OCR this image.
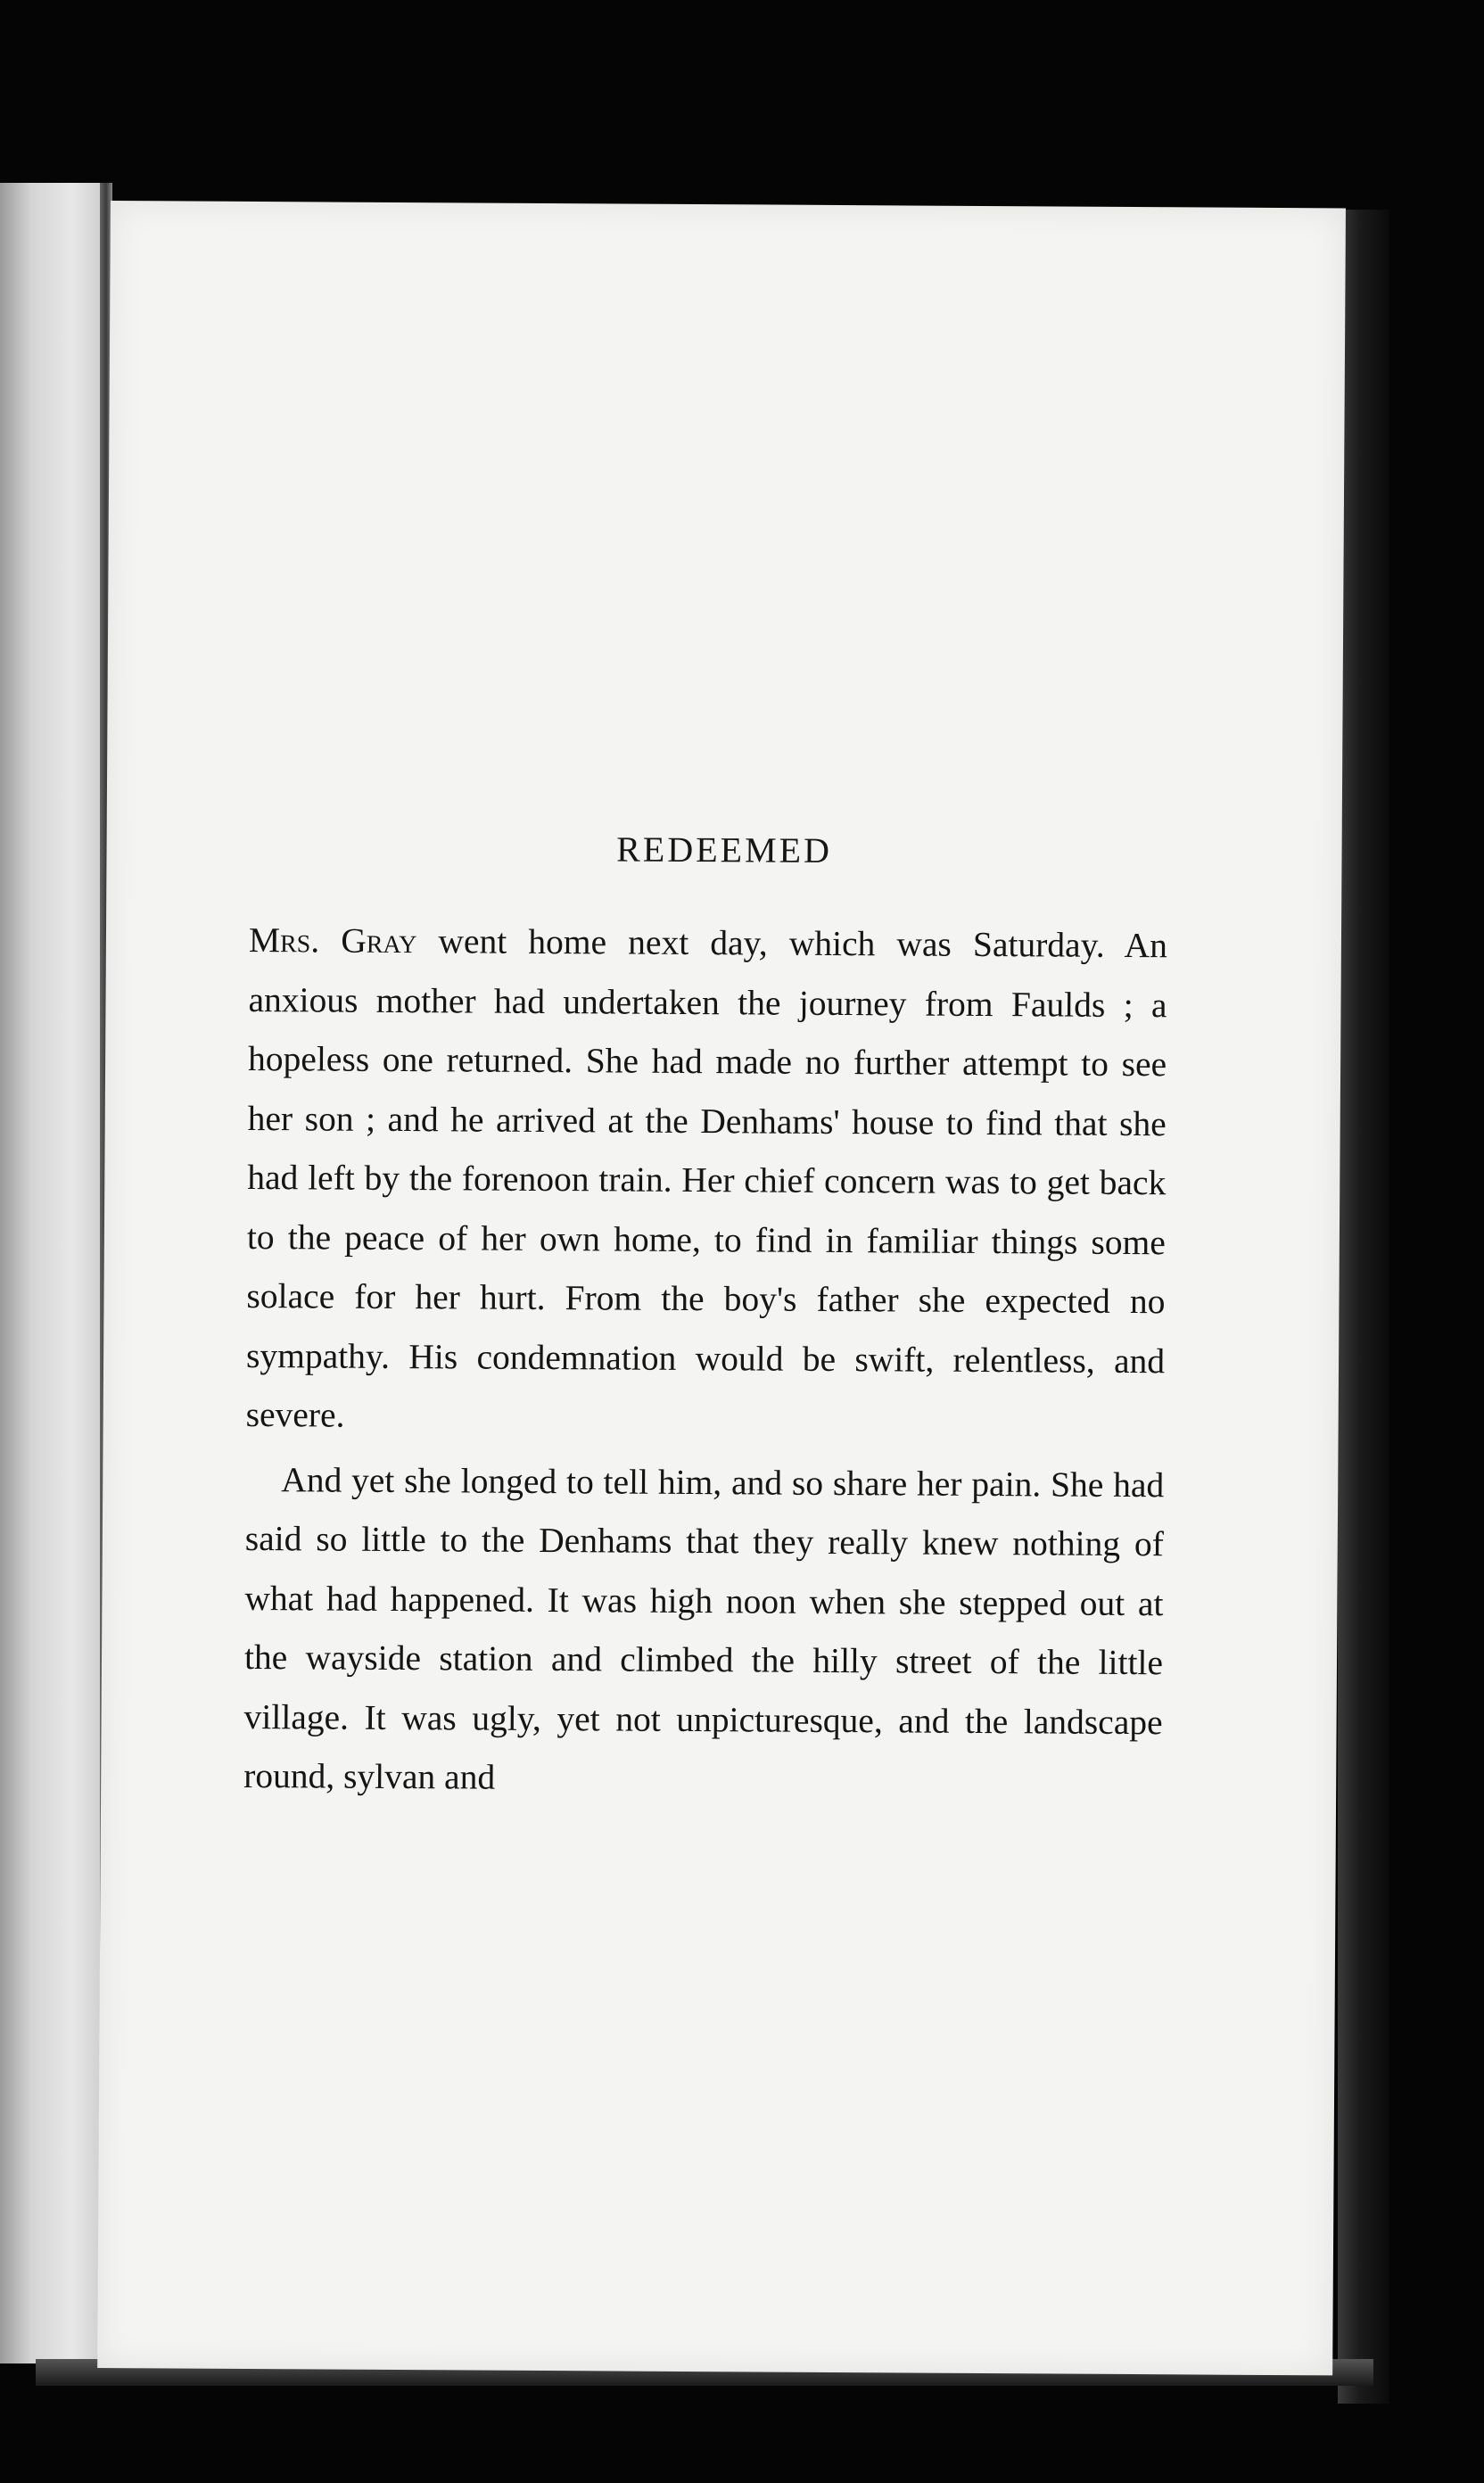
REDEEMED

Mrs. Gray went home next day, which was Saturday. An anxious mother had undertaken the journey from Faulds ; a hopeless one returned. She had made no further attempt to see her son ; and he arrived at the Denhams' house to find that she had left by the forenoon train. Her chief concern was to get back to the peace of her own home, to find in familiar things some solace for her hurt. From the boy's father she expected no sympathy. His condemnation would be swift, relentless, and severe.

And yet she longed to tell him, and so share her pain. She had said so little to the Denhams that they really knew nothing of what had happened. It was high noon when she stepped out at the wayside station and climbed the hilly street of the little village. It was ugly, yet not unpicturesque, and the landscape round, sylvan and
